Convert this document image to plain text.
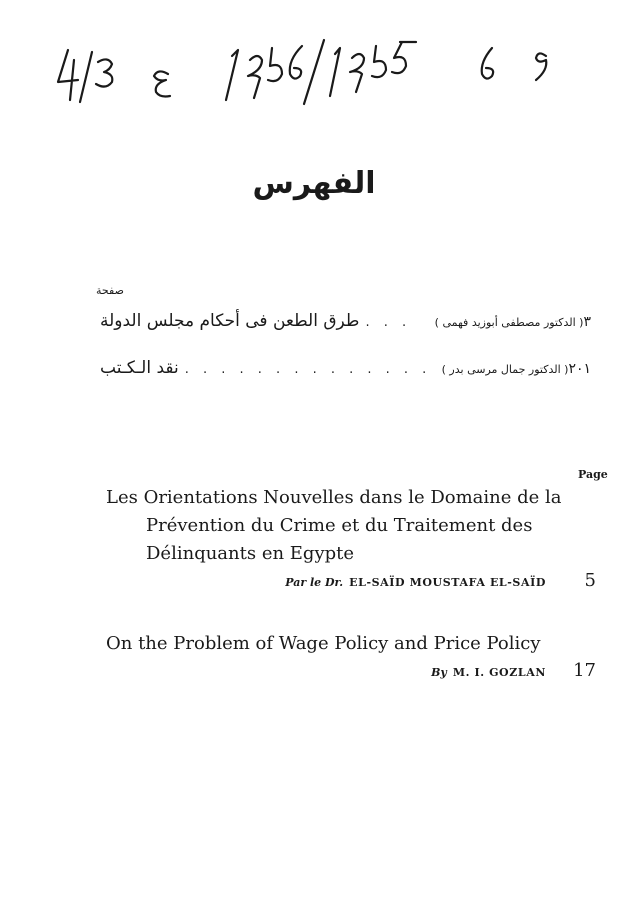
الفهرس
صفحة
طرق الطعن فى أحكام مجلس الدولة . . .	( الدكتور مصطفى أبوزيد فهمى ) ٣
نقد الـكـتب . . . . . . . . . . . . . . ( الدكتور جمال مرسى بدر ) ٢٠١
Page
Les Orientations Nouvelles dans le Domaine de la
Prévention du Crime et du Traitement des
Délinquants en Egypte
Par le Dr. EL-SAÏD MOUSTAFA EL-SAÏD	5
On the Problem of Wage Policy and Price Policy
By M. I. GOZLAN	17
